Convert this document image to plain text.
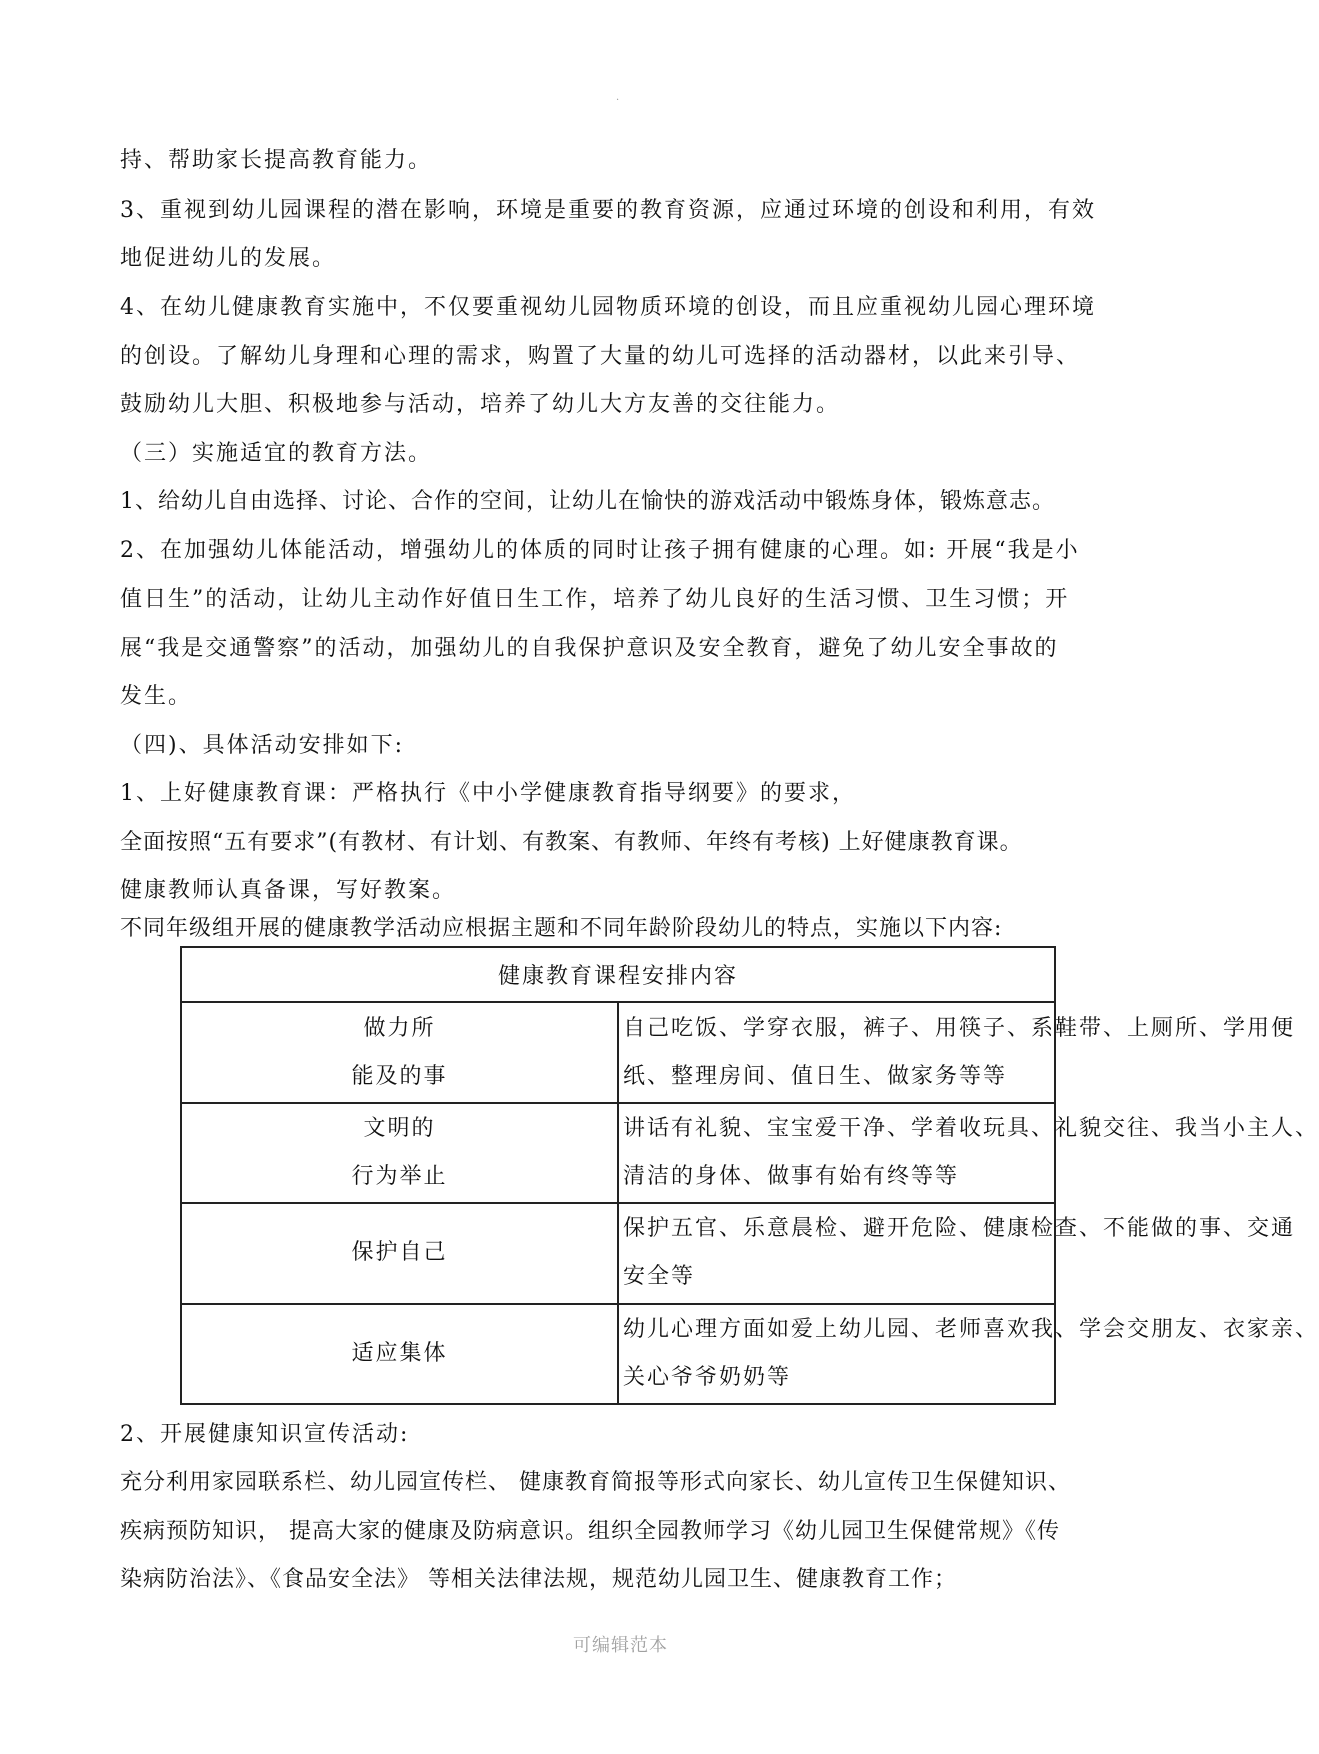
.
持、帮助家长提高教育能力。
3、重视到幼儿园课程的潜在影响，环境是重要的教育资源，应通过环境的创设和利用，有效
地促进幼儿的发展。
4、在幼儿健康教育实施中，不仅要重视幼儿园物质环境的创设，而且应重视幼儿园心理环境
的创设。了解幼儿身理和心理的需求，购置了大量的幼儿可选择的活动器材，以此来引导、
鼓励幼儿大胆、积极地参与活动，培养了幼儿大方友善的交往能力。
（三）实施适宜的教育方法。
1、给幼儿自由选择、讨论、合作的空间，让幼儿在愉快的游戏活动中锻炼身体，锻炼意志。
2、在加强幼儿体能活动，增强幼儿的体质的同时让孩子拥有健康的心理。如: 开展“我是小
值日生”的活动，让幼儿主动作好值日生工作，培养了幼儿良好的生活习惯、卫生习惯；开
展“我是交通警察”的活动，加强幼儿的自我保护意识及安全教育，避免了幼儿安全事故的
发生。
（四)、具体活动安排如下:
1、上好健康教育课：严格执行《中小学健康教育指导纲要》的要求，
全面按照“五有要求”(有教材、有计划、有教案、有教师、年终有考核) 上好健康教育课。
健康教师认真备课，写好教案。
不同年级组开展的健康教学活动应根据主题和不同年龄阶段幼儿的特点，实施以下内容:
健康教育课程安排内容	

做力所
能及的事	自己吃饭、学穿衣服，裤子、用筷子、系鞋带、上厕所、学用便
纸、整理房间、值日生、做家务等等

文明的
行为举止	讲话有礼貌、宝宝爱干净、学着收玩具、礼貌交往、我当小主人、
清洁的身体、做事有始有终等等

保护自己	保护五官、乐意晨检、避开危险、健康检查、不能做的事、交通
安全等

适应集体	幼儿心理方面如爱上幼儿园、老师喜欢我、学会交朋友、衣家亲、
关心爷爷奶奶等
2、开展健康知识宣传活动:
充分利用家园联系栏、幼儿园宣传栏、 健康教育简报等形式向家长、幼儿宣传卫生保健知识、
疾病预防知识， 提高大家的健康及防病意识。组织全园教师学习《幼儿园卫生保健常规》《传
染病防治法》、《食品安全法》 等相关法律法规，规范幼儿园卫生、健康教育工作；
可编辑范本
